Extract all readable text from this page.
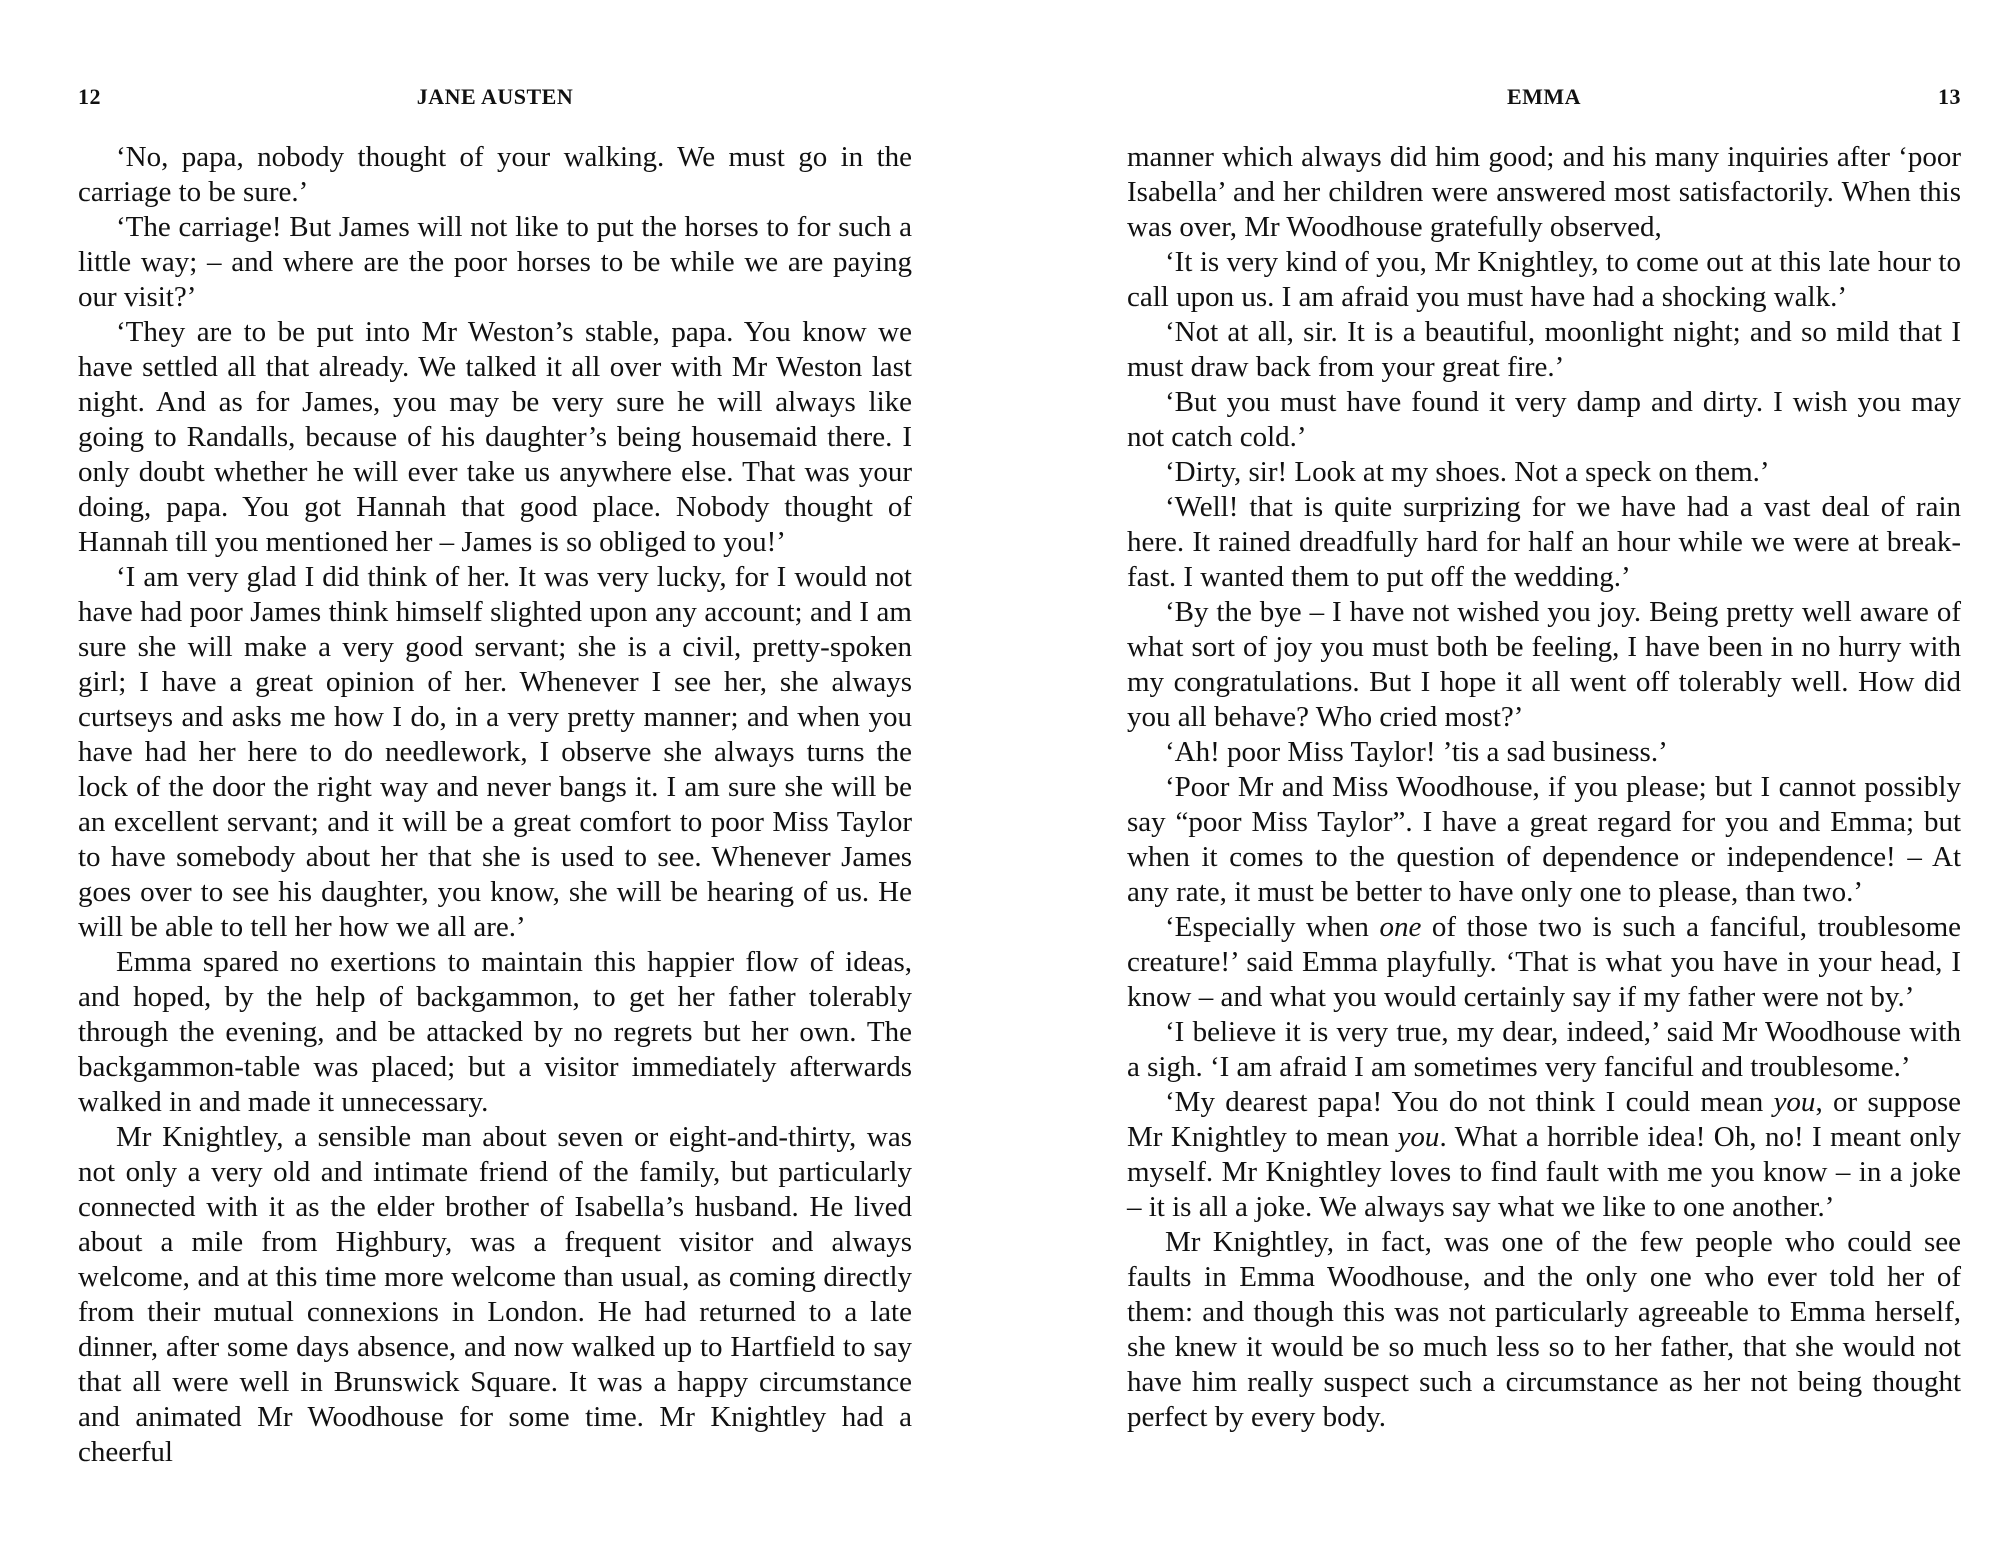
12	JANE AUSTEN

‘No, papa, nobody thought of your walking. We must go in the carriage to be sure.’

‘The carriage! But James will not like to put the horses to for such a little way; – and where are the poor horses to be while we are paying our visit?’

‘They are to be put into Mr Weston’s stable, papa. You know we have settled all that already. We talked it all over with Mr Weston last night. And as for James, you may be very sure he will always like going to Randalls, because of his daughter’s being housemaid there. I only doubt whether he will ever take us anywhere else. That was your doing, papa. You got Hannah that good place. Nobody thought of Hannah till you mentioned her – James is so obliged to you!’

‘I am very glad I did think of her. It was very lucky, for I would not have had poor James think himself slighted upon any account; and I am sure she will make a very good servant; she is a civil, pretty-spoken girl; I have a great opinion of her. Whenever I see her, she always curtseys and asks me how I do, in a very pretty manner; and when you have had her here to do needlework, I observe she always turns the lock of the door the right way and never bangs it. I am sure she will be an excellent servant; and it will be a great comfort to poor Miss Taylor to have somebody about her that she is used to see. Whenever James goes over to see his daughter, you know, she will be hearing of us. He will be able to tell her how we all are.’

Emma spared no exertions to maintain this happier flow of ideas, and hoped, by the help of backgammon, to get her father tolerably through the evening, and be attacked by no regrets but her own. The backgammon-table was placed; but a visitor immediately afterwards walked in and made it unnecessary.

Mr Knightley, a sensible man about seven or eight-and-thirty, was not only a very old and intimate friend of the family, but particularly connected with it as the elder brother of Isabella’s husband. He lived about a mile from Highbury, was a frequent visitor and always welcome, and at this time more welcome than usual, as coming directly from their mutual connexions in London. He had returned to a late dinner, after some days absence, and now walked up to Hartfield to say that all were well in Brunswick Square. It was a happy circumstance and animated Mr Woodhouse for some time. Mr Knightley had a cheerful

EMMA	13

manner which always did him good; and his many inquiries after ‘poor Isabella’ and her children were answered most satisfactorily. When this was over, Mr Woodhouse gratefully observed,

‘It is very kind of you, Mr Knightley, to come out at this late hour to call upon us. I am afraid you must have had a shocking walk.’

‘Not at all, sir. It is a beautiful, moonlight night; and so mild that I must draw back from your great fire.’

‘But you must have found it very damp and dirty. I wish you may not catch cold.’

‘Dirty, sir! Look at my shoes. Not a speck on them.’

‘Well! that is quite surprizing for we have had a vast deal of rain here. It rained dreadfully hard for half an hour while we were at breakfast. I wanted them to put off the wedding.’

‘By the bye – I have not wished you joy. Being pretty well aware of what sort of joy you must both be feeling, I have been in no hurry with my congratulations. But I hope it all went off tolerably well. How did you all behave? Who cried most?’

‘Ah! poor Miss Taylor! ’tis a sad business.’

‘Poor Mr and Miss Woodhouse, if you please; but I cannot possibly say “poor Miss Taylor”. I have a great regard for you and Emma; but when it comes to the question of dependence or independence! – At any rate, it must be better to have only one to please, than two.’

‘Especially when one of those two is such a fanciful, troublesome creature!’ said Emma playfully. ‘That is what you have in your head, I know – and what you would certainly say if my father were not by.’

‘I believe it is very true, my dear, indeed,’ said Mr Woodhouse with a sigh. ‘I am afraid I am sometimes very fanciful and troublesome.’

‘My dearest papa! You do not think I could mean you, or suppose Mr Knightley to mean you. What a horrible idea! Oh, no! I meant only myself. Mr Knightley loves to find fault with me you know – in a joke – it is all a joke. We always say what we like to one another.’

Mr Knightley, in fact, was one of the few people who could see faults in Emma Woodhouse, and the only one who ever told her of them: and though this was not particularly agreeable to Emma herself, she knew it would be so much less so to her father, that she would not have him really suspect such a circumstance as her not being thought perfect by every body.
